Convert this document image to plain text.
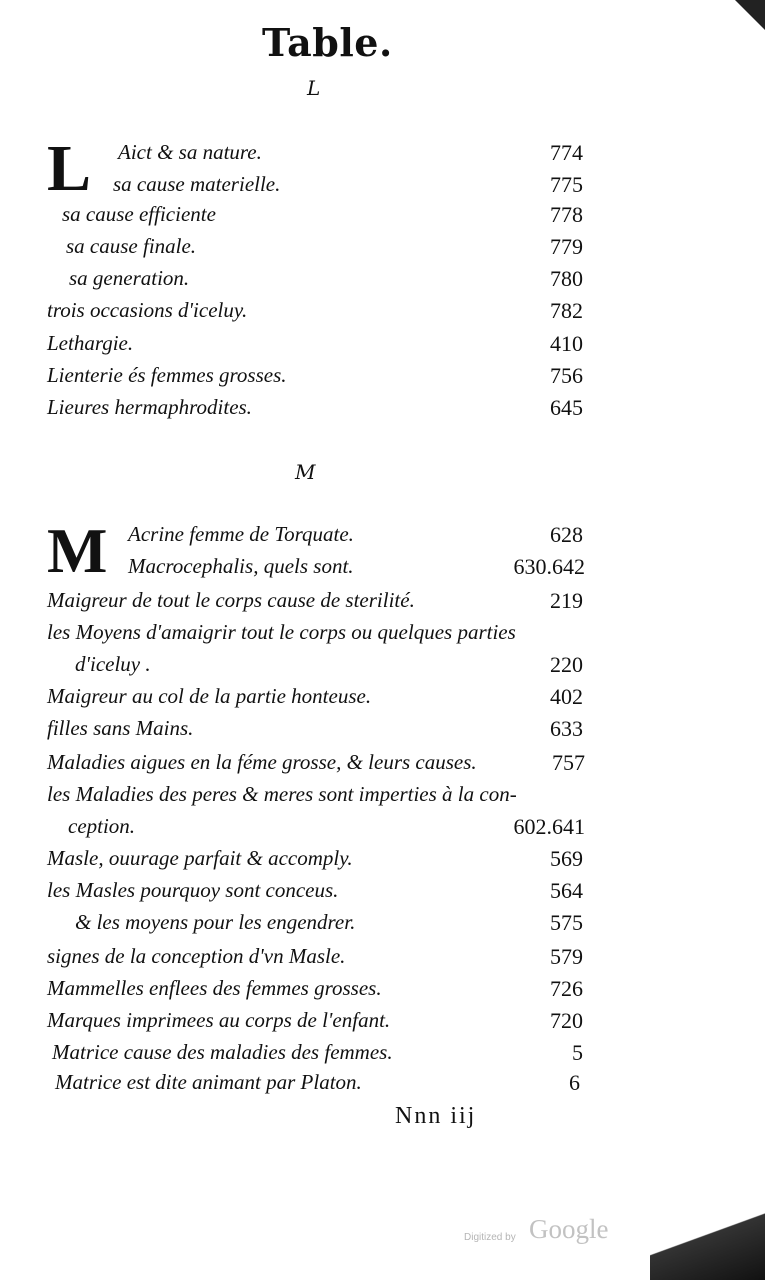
Table.
L
L Aict & sa nature.	774
sa cause materielle.	775
sa cause efficiente	778
sa cause finale.	779
sa generation.	780
trois occasions d'iceluy.	782
Lethargie.	410
Lienterie és femmes grosses.	756
Lieures hermaphrodites.	645
M
M Acrine femme de Torquate.	628
Macrocephalis, quels sont.	630.642
Maigreur de tout le corps cause de sterilité.	219
les Moyens d'amaigrir tout le corps ou quelques parties
d'iceluy .	220
Maigreur au col de la partie honteuse.	402
filles sans Mains.	633
Maladies aigues en la féme grosse, & leurs causes.	757
les Maladies des peres & meres sont imperties à la con-
ception.	602.641
Masle, ouurage parfait & accomply.	569
les Masles pourquoy sont conceus.	564
& les moyens pour les engendrer.	575
signes de la conception d'vn Masle.	579
Mammelles enflees des femmes grosses.	726
Marques imprimees au corps de l'enfant.	720
Matrice cause des maladies des femmes.	5
Matrice est dite animant par Platon.	6
Nnn iij
Digitized by Google
